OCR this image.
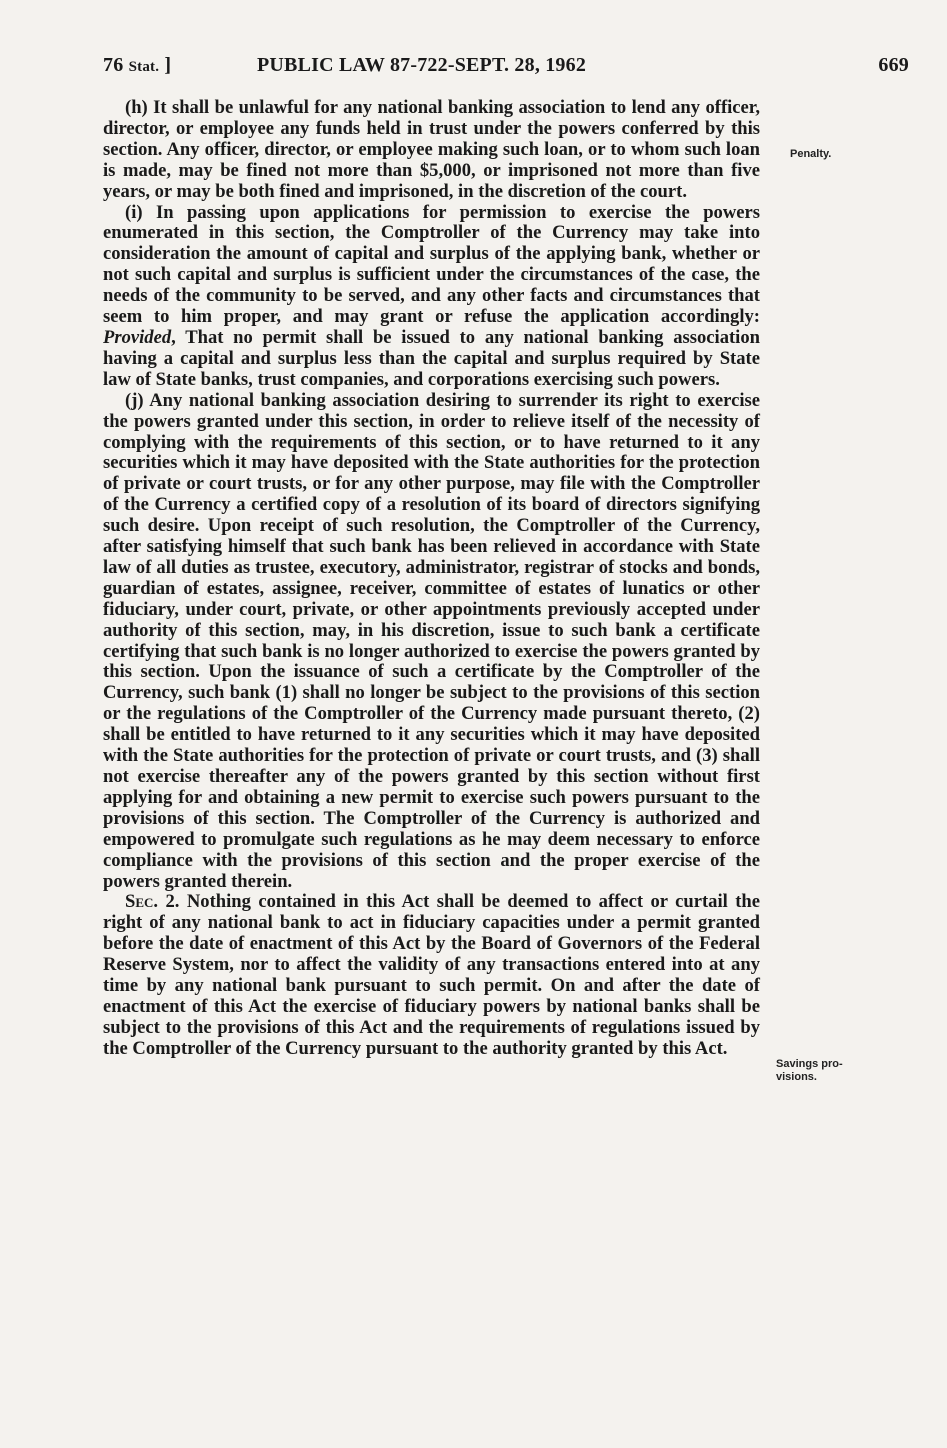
76 Stat. ]	PUBLIC LAW 87-722-SEPT. 28, 1962	669

(h) It shall be unlawful for any national banking association to lend any officer, director, or employee any funds held in trust under the powers conferred by this section. Any officer, director, or employee making such loan, or to whom such loan is made, may be fined not more than $5,000, or imprisoned not more than five years, or may be both fined and imprisoned, in the discretion of the court.

(i) In passing upon applications for permission to exercise the powers enumerated in this section, the Comptroller of the Currency may take into consideration the amount of capital and surplus of the applying bank, whether or not such capital and surplus is sufficient under the circumstances of the case, the needs of the community to be served, and any other facts and circumstances that seem to him proper, and may grant or refuse the application accordingly: Provided, That no permit shall be issued to any national banking association having a capital and surplus less than the capital and surplus required by State law of State banks, trust companies, and corporations exercising such powers.

(j) Any national banking association desiring to surrender its right to exercise the powers granted under this section, in order to relieve itself of the necessity of complying with the requirements of this section, or to have returned to it any securities which it may have deposited with the State authorities for the protection of private or court trusts, or for any other purpose, may file with the Comptroller of the Currency a certified copy of a resolution of its board of directors signifying such desire. Upon receipt of such resolution, the Comptroller of the Currency, after satisfying himself that such bank has been relieved in accordance with State law of all duties as trustee, executory, administrator, registrar of stocks and bonds, guardian of estates, assignee, receiver, committee of estates of lunatics or other fiduciary, under court, private, or other appointments previously accepted under authority of this section, may, in his discretion, issue to such bank a certificate certifying that such bank is no longer authorized to exercise the powers granted by this section. Upon the issuance of such a certificate by the Comptroller of the Currency, such bank (1) shall no longer be subject to the provisions of this section or the regulations of the Comptroller of the Currency made pursuant thereto, (2) shall be entitled to have returned to it any securities which it may have deposited with the State authorities for the protection of private or court trusts, and (3) shall not exercise thereafter any of the powers granted by this section without first applying for and obtaining a new permit to exercise such powers pursuant to the provisions of this section. The Comptroller of the Currency is authorized and empowered to promulgate such regulations as he may deem necessary to enforce compliance with the provisions of this section and the proper exercise of the powers granted therein.

Sec. 2. Nothing contained in this Act shall be deemed to affect or curtail the right of any national bank to act in fiduciary capacities under a permit granted before the date of enactment of this Act by the Board of Governors of the Federal Reserve System, nor to affect the validity of any transactions entered into at any time by any national bank pursuant to such permit. On and after the date of enactment of this Act the exercise of fiduciary powers by national banks shall be subject to the provisions of this Act and the requirements of regulations issued by the Comptroller of the Currency pursuant to the authority granted by this Act.

Penalty.
Savings pro-
visions.
